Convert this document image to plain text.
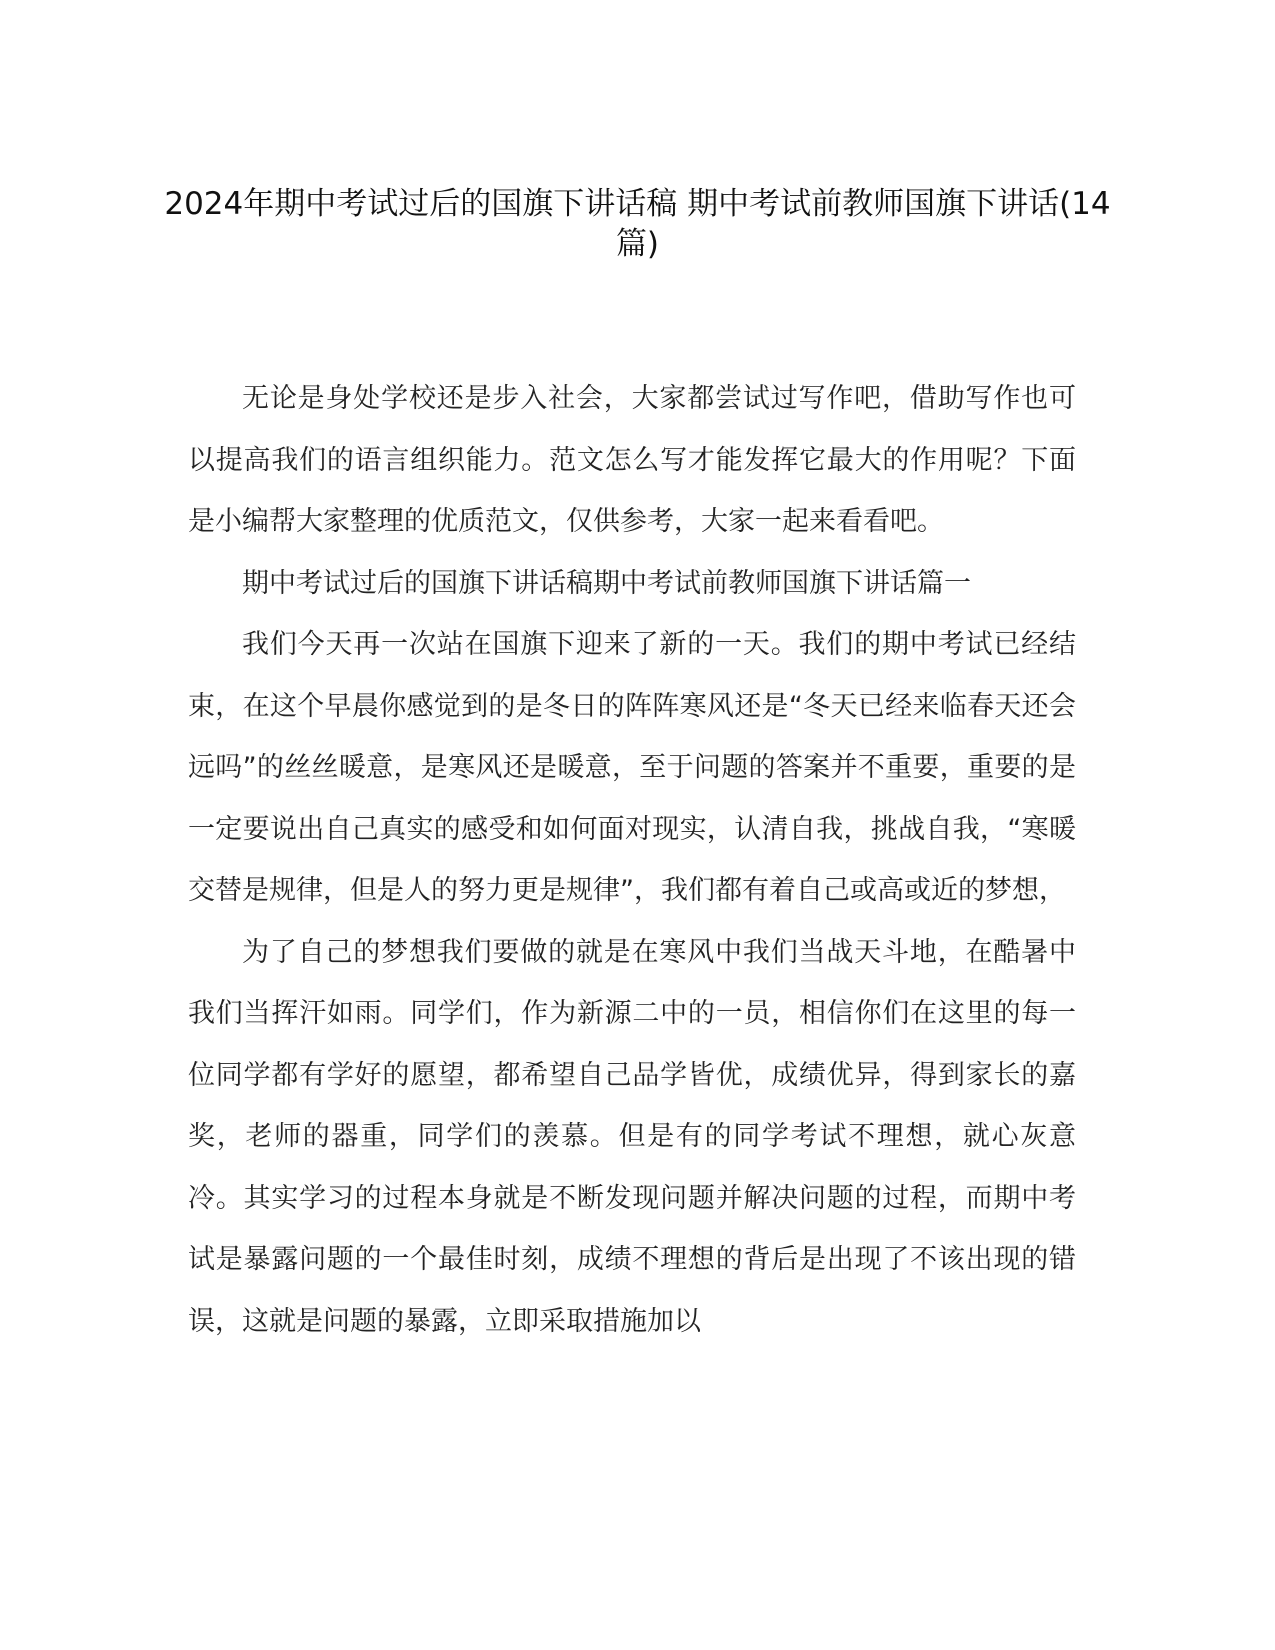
2024年期中考试过后的国旗下讲话稿 期中考试前教师国旗下讲话(14篇)

无论是身处学校还是步入社会，大家都尝试过写作吧，借助写作也可以提高我们的语言组织能力。范文怎么写才能发挥它最大的作用呢？下面是小编帮大家整理的优质范文，仅供参考，大家一起来看看吧。

期中考试过后的国旗下讲话稿期中考试前教师国旗下讲话篇一

我们今天再一次站在国旗下迎来了新的一天。我们的期中考试已经结束，在这个早晨你感觉到的是冬日的阵阵寒风还是“冬天已经来临春天还会远吗”的丝丝暖意，是寒风还是暖意，至于问题的答案并不重要，重要的是一定要说出自己真实的感受和如何面对现实，认清自我，挑战自我，“寒暖交替是规律，但是人的努力更是规律”，我们都有着自己或高或近的梦想，

为了自己的梦想我们要做的就是在寒风中我们当战天斗地，在酷暑中我们当挥汗如雨。同学们，作为新源二中的一员，相信你们在这里的每一位同学都有学好的愿望，都希望自己品学皆优，成绩优异，得到家长的嘉奖，老师的器重，同学们的羡慕。但是有的同学考试不理想，就心灰意冷。其实学习的过程本身就是不断发现问题并解决问题的过程，而期中考试是暴露问题的一个最佳时刻，成绩不理想的背后是出现了不该出现的错误，这就是问题的暴露，立即采取措施加以
